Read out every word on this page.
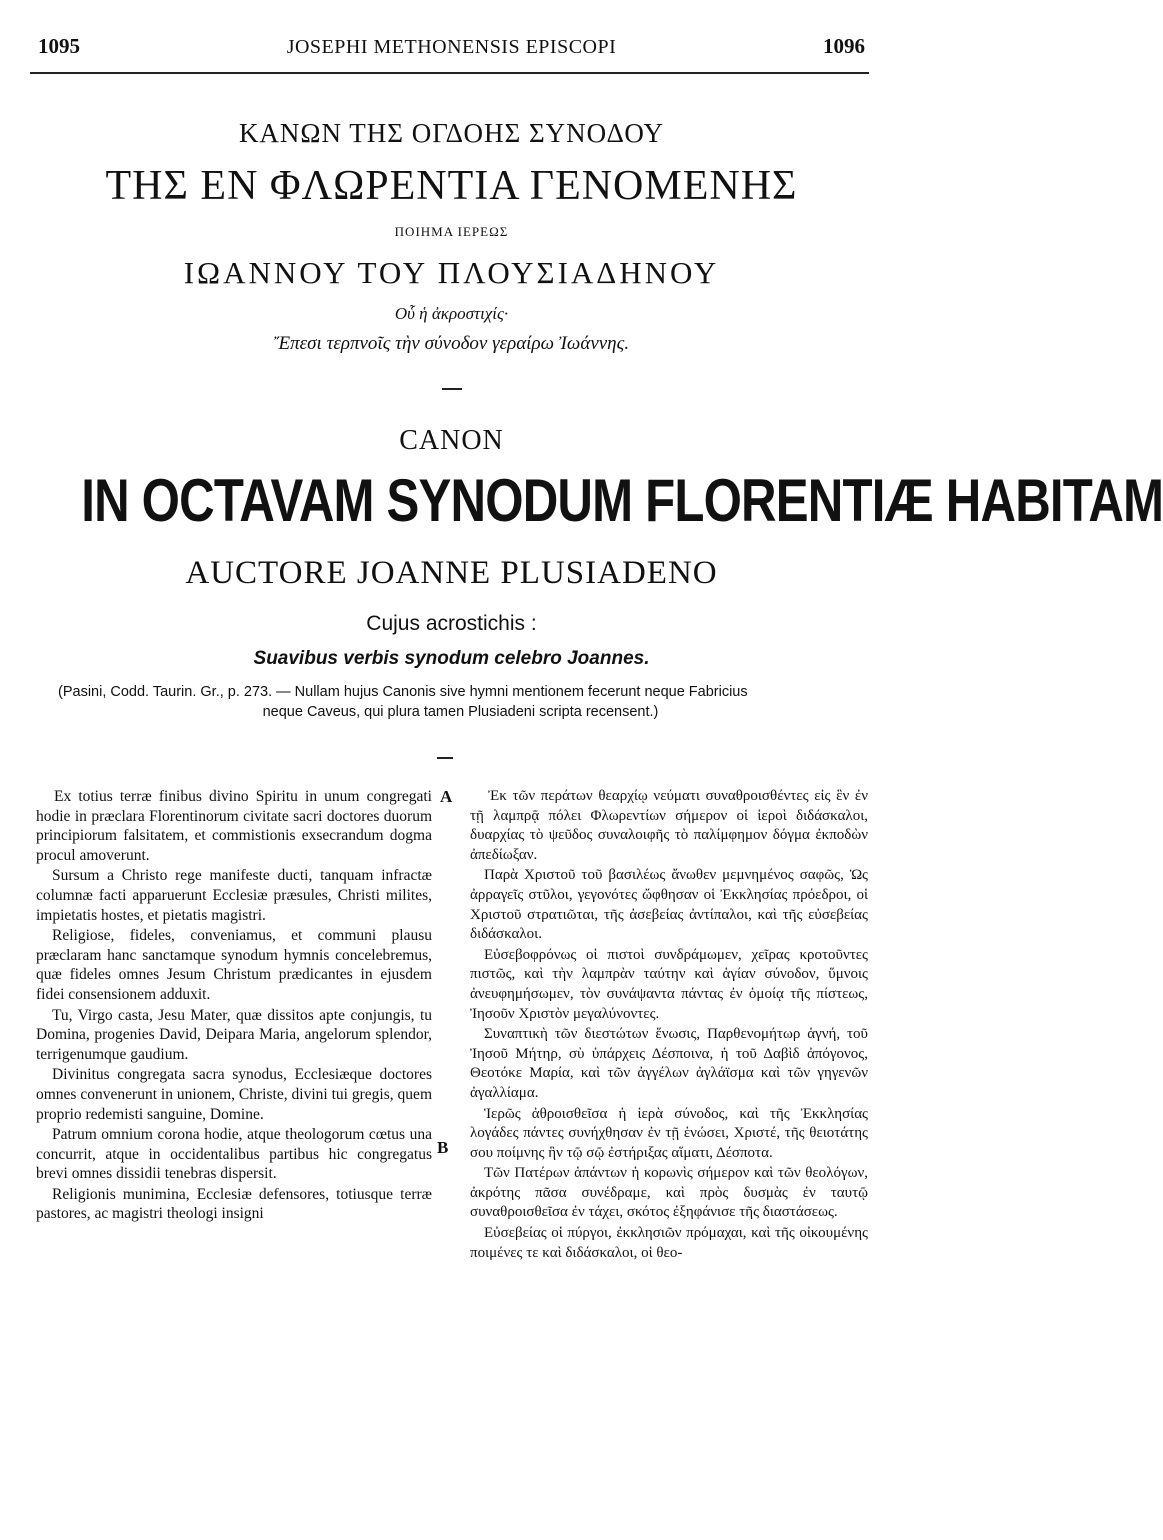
1095	JOSEPHI METHONENSIS EPISCOPI	1096
ΚΑΝΩΝ ΤΗΣ ΟΓΔΟΗΣ ΣΥΝΟΔΟΥ
ΤΗΣ ΕΝ ΦΛΩΡΕΝΤΙΑ ΓΕΝΟΜΕΝΗΣ
ΠΟΙΗΜΑ ΙΕΡΕΩΣ
ΙΩΑΝΝΟΥ ΤΟΥ ΠΛΟΥΣΙΑΔΗΝΟΥ
Οὗ ἡ ἀκροστιχίς·
Ἔπεσι τερπνοῖς τὴν σύνοδον γεραίρω Ἰωάννης.
CANON
IN OCTAVAM SYNODUM FLORENTIÆ HABITAM
AUCTORE JOANNE PLUSIADENO
Cujus acrostichis :
Suavibus verbis synodum celebro Joannes.
(Pasini, Codd. Taurin. Gr., p. 273. — Nullam hujus Canonis sive hymni mentionem fecerunt neque Fabricius
neque Caveus, qui plura tamen Plusiadeni scripta recensent.)

Ex totius terræ finibus divino Spiritu in unum congregati hodie in præclara Florentinorum civitate sacri doctores duorum principiorum falsitatem, et commistionis exsecrandum dogma procul amoverunt.

Sursum a Christo rege manifeste ducti, tanquam infractæ columnæ facti apparuerunt Ecclesiæ præsules, Christi milites, impietatis hostes, et pietatis magistri.

Religiose, fideles, conveniamus, et communi plausu præclaram hanc sanctamque synodum hymnis concelebremus, quæ fideles omnes Jesum Christum prædicantes in ejusdem fidei consensionem adduxit.

Tu, Virgo casta, Jesu Mater, quæ dissitos apte conjungis, tu Domina, progenies David, Deipara Maria, angelorum splendor, terrigenumque gaudium.

Divinitus congregata sacra synodus, Ecclesiæque doctores omnes convenerunt in unionem, Christe, divini tui gregis, quem proprio redemisti sanguine, Domine.

Patrum omnium corona hodie, atque theologorum cœtus una concurrit, atque in occidentalibus partibus hic congregatus brevi omnes dissidii tenebras dispersit.

Religionis munimina, Ecclesiæ defensores, totiusque terræ pastores, ac magistri theologi insigni

A
B

Ἐκ τῶν περάτων θεαρχίῳ νεύματι συναθροισθέντες εἰς ἓν ἐν τῇ λαμπρᾷ πόλει Φλωρεντίων σήμερον οἱ ἱεροὶ διδάσκαλοι, δυαρχίας τὸ ψεῦδος συναλοιφῆς τὸ παλίμφημον δόγμα ἐκποδὼν ἀπεδίωξαν.

Παρὰ Χριστοῦ τοῦ βασιλέως ἄνωθεν μεμνημένος σαφῶς, Ὡς ἀρραγεῖς στῦλοι, γεγονότες ὤφθησαν οἱ Ἐκκλησίας πρόεδροι, οἱ Χριστοῦ στρατιῶται, τῆς ἀσεβείας ἀντίπαλοι, καὶ τῆς εὐσεβείας διδάσκαλοι.

Εὐσεβοφρόνως οἱ πιστοὶ συνδράμωμεν, χεῖρας κροτοῦντες πιστῶς, καὶ τὴν λαμπρὰν ταύτην καὶ ἁγίαν σύνοδον, ὕμνοις ἀνευφημήσωμεν, τὸν συνάψαντα πάντας ἐν ὁμοίᾳ τῆς πίστεως, Ἰησοῦν Χριστὸν μεγαλύνοντες.

Συναπτικὴ τῶν διεστώτων ἕνωσις, Παρθενομήτωρ ἁγνή, τοῦ Ἰησοῦ Μήτηρ, σὺ ὑπάρχεις Δέσποινα, ἡ τοῦ Δαβὶδ ἀπόγονος, Θεοτόκε Μαρία, καὶ τῶν ἀγγέλων ἀγλάϊσμα καὶ τῶν γηγενῶν ἀγαλλίαμα.

Ἱερῶς ἀθροισθεῖσα ἡ ἱερὰ σύνοδος, καὶ τῆς Ἐκκλησίας λογάδες πάντες συνήχθησαν ἐν τῇ ἑνώσει, Χριστέ, τῆς θειοτάτης σου ποίμνης ἣν τῷ σῷ ἐστήριξας αἵματι, Δέσποτα.

Τῶν Πατέρων ἁπάντων ἡ κορωνὶς σήμερον καὶ τῶν θεολόγων, ἀκρότης πᾶσα συνέδραμε, καὶ πρὸς δυσμὰς ἐν ταυτῷ συναθροισθεῖσα ἐν τάχει, σκότος ἐξηφάνισε τῆς διαστάσεως.

Εὐσεβείας οἱ πύργοι, ἐκκλησιῶν πρόμαχαι, καὶ τῆς οἰκουμένης ποιμένες τε καὶ διδάσκαλοι, οἱ θεο-
